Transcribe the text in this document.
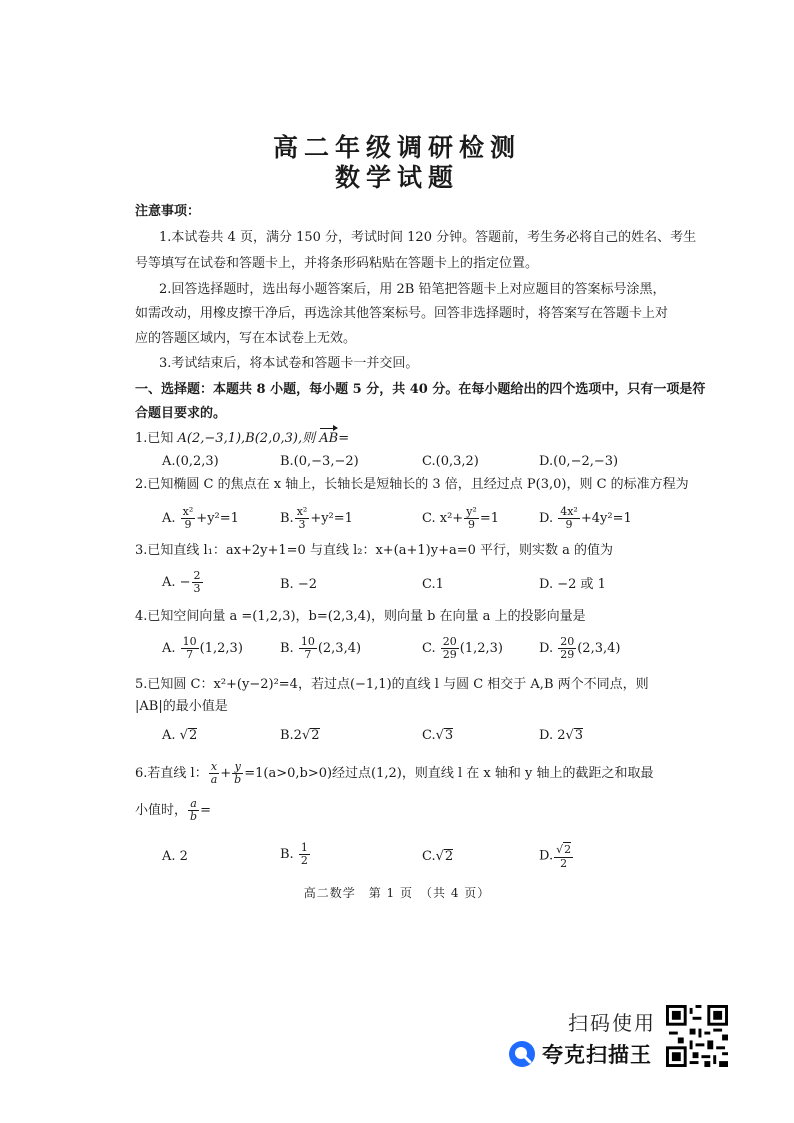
高二年级调研检测
数学试题
注意事项：
1.本试卷共 4 页，满分 150 分，考试时间 120 分钟。答题前，考生务必将自己的姓名、考生
号等填写在试卷和答题卡上，并将条形码粘贴在答题卡上的指定位置。
2.回答选择题时，选出每小题答案后，用 2B 铅笔把答题卡上对应题目的答案标号涂黑，
如需改动，用橡皮擦干净后，再选涂其他答案标号。回答非选择题时，将答案写在答题卡上对
应的答题区域内，写在本试卷上无效。
3.考试结束后，将本试卷和答题卡一并交回。
一、选择题：本题共 8 小题，每小题 5 分，共 40 分。在每小题给出的四个选项中，只有一项是符
合题目要求的。
1.已知 A(2,−3,1),B(2,0,3),则 AB=
A.(0,2,3)	B.(0,−3,−2)	C.(0,3,2)	D.(0,−2,−3)
2.已知椭圆 C 的焦点在 x 轴上，长轴长是短轴长的 3 倍，且经过点 P(3,0)，则 C 的标准方程为
A. $\frac{\text{x²}}{9} +y^2=1$	B. $\frac{\text{x²}}{3} +y^2=1$	C. $x^2+ \frac{\text{y²}}{9} =1$	D. $\frac{\text{4x²}}{9} +4y^2=1$
3.已知直线 l₁：ax+2y+1=0 与直线 l₂：x+(a+1)y+a=0 平行，则实数 a 的值为
A. − $\frac{2}{3}$	B. −2	C.1	D. −2 或 1
4.已知空间向量 a =(1,2,3)，b=(2,3,4)，则向量 b 在向量 a 上的投影向量是
A. $\frac{10}{7} (1,2,3)$	B. $\frac{10}{7} (2,3,4)$	C. $\frac{20}{29} (1,2,3)$	D. $\frac{20}{29} (2,3,4)$
5.已知圆 C：x²+(y−2)²=4，若过点(−1,1)的直线 l 与圆 C 相交于 A,B 两个不同点，则
|AB|的最小值是
A. √2	B.2√2	C.√3	D. 2√3
6.若直线 l： $\frac{x}{a} + \frac{y}{b} =1(a>0,b>0)$经过点(1,2)，则直线 l 在 x 轴和 y 轴上的截距之和取最
小值时， $\frac{a}{b}$ =
A. 2	B. $\frac{1}{2}$	C.√2	D. $\frac{√2}{2}$
高二数学　第 1 页　（共 4 页）
扫码使用
夸克扫描王
